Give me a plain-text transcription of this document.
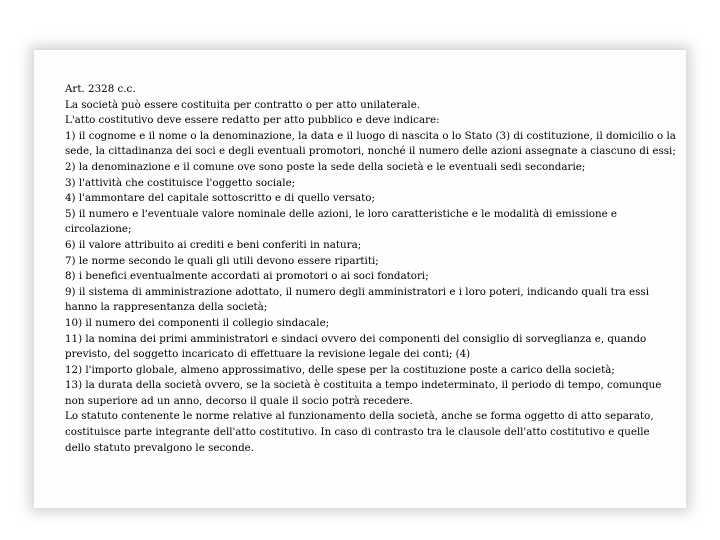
Art. 2328 c.c.

La società può essere costituita per contratto o per atto unilaterale.

L'atto costitutivo deve essere redatto per atto pubblico e deve indicare:

1) il cognome e il nome o la denominazione, la data e il luogo di nascita o lo Stato (3) di costituzione, il domicilio o la sede, la cittadinanza dei soci e degli eventuali promotori, nonché il numero delle azioni assegnate a ciascuno di essi;

2) la denominazione e il comune ove sono poste la sede della società e le eventuali sedi secondarie;

3) l'attività che costituisce l'oggetto sociale;

4) l'ammontare del capitale sottoscritto e di quello versato;

5) il numero e l'eventuale valore nominale delle azioni, le loro caratteristiche e le modalità di emissione e circolazione;

6) il valore attribuito ai crediti e beni conferiti in natura;

7) le norme secondo le quali gli utili devono essere ripartiti;

8) i benefici eventualmente accordati ai promotori o ai soci fondatori;

9) il sistema di amministrazione adottato, il numero degli amministratori e i loro poteri, indicando quali tra essi hanno la rappresentanza della società;

10) il numero dei componenti il collegio sindacale;

11) la nomina dei primi amministratori e sindaci ovvero dei componenti del consiglio di sorveglianza e, quando previsto, del soggetto incaricato di effettuare la revisione legale dei conti; (4)

12) l'importo globale, almeno approssimativo, delle spese per la costituzione poste a carico della società;

13) la durata della società ovvero, se la società è costituita a tempo indeterminato, il periodo di tempo, comunque non superiore ad un anno, decorso il quale il socio potrà recedere.

Lo statuto contenente le norme relative al funzionamento della società, anche se forma oggetto di atto separato, costituisce parte integrante dell'atto costitutivo. In caso di contrasto tra le clausole dell'atto costitutivo e quelle dello statuto prevalgono le seconde.
